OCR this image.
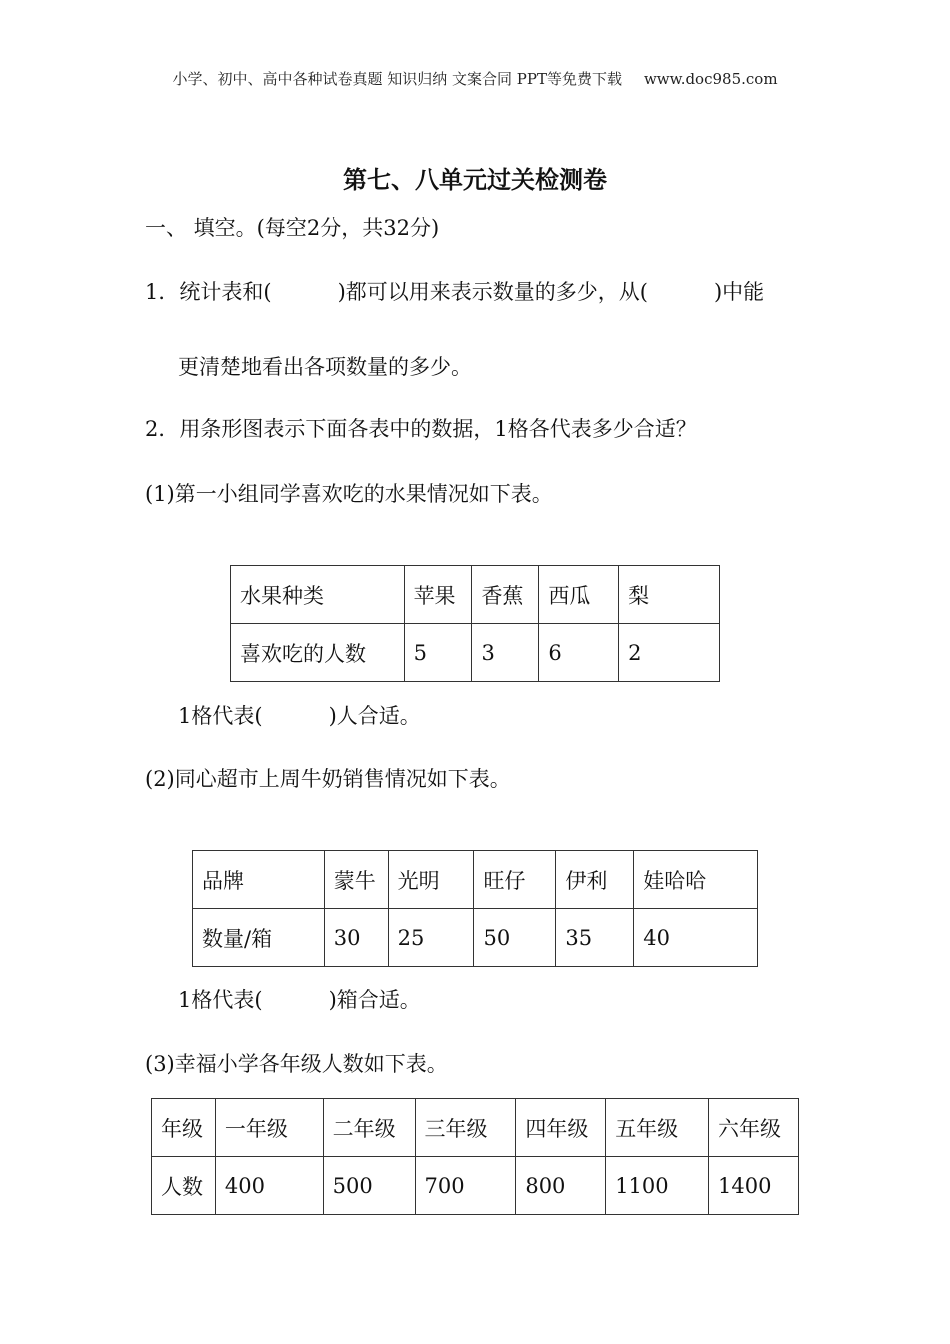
小学、初中、高中各种试卷真题 知识归纳 文案合同 PPT等免费下载 www.doc985.com
第七、八单元过关检测卷
一、 填空。(每空2分，共32分)
1．统计表和(	)都可以用来表示数量的多少，从(	)中能
更清楚地看出各项数量的多少。
2．用条形图表示下面各表中的数据，1格各代表多少合适？
(1)第一小组同学喜欢吃的水果情况如下表。
水果种类	苹果	香蕉	西瓜	梨
喜欢吃的人数	5	3	6	2
1格代表(	)人合适。
(2)同心超市上周牛奶销售情况如下表。
品牌	蒙牛	光明	旺仔	伊利	娃哈哈
数量/箱	30	25	50	35	40
1格代表(	)箱合适。
(3)幸福小学各年级人数如下表。
年级	一年级	二年级	三年级	四年级	五年级	六年级
人数	400	500	700	800	1100	1400
